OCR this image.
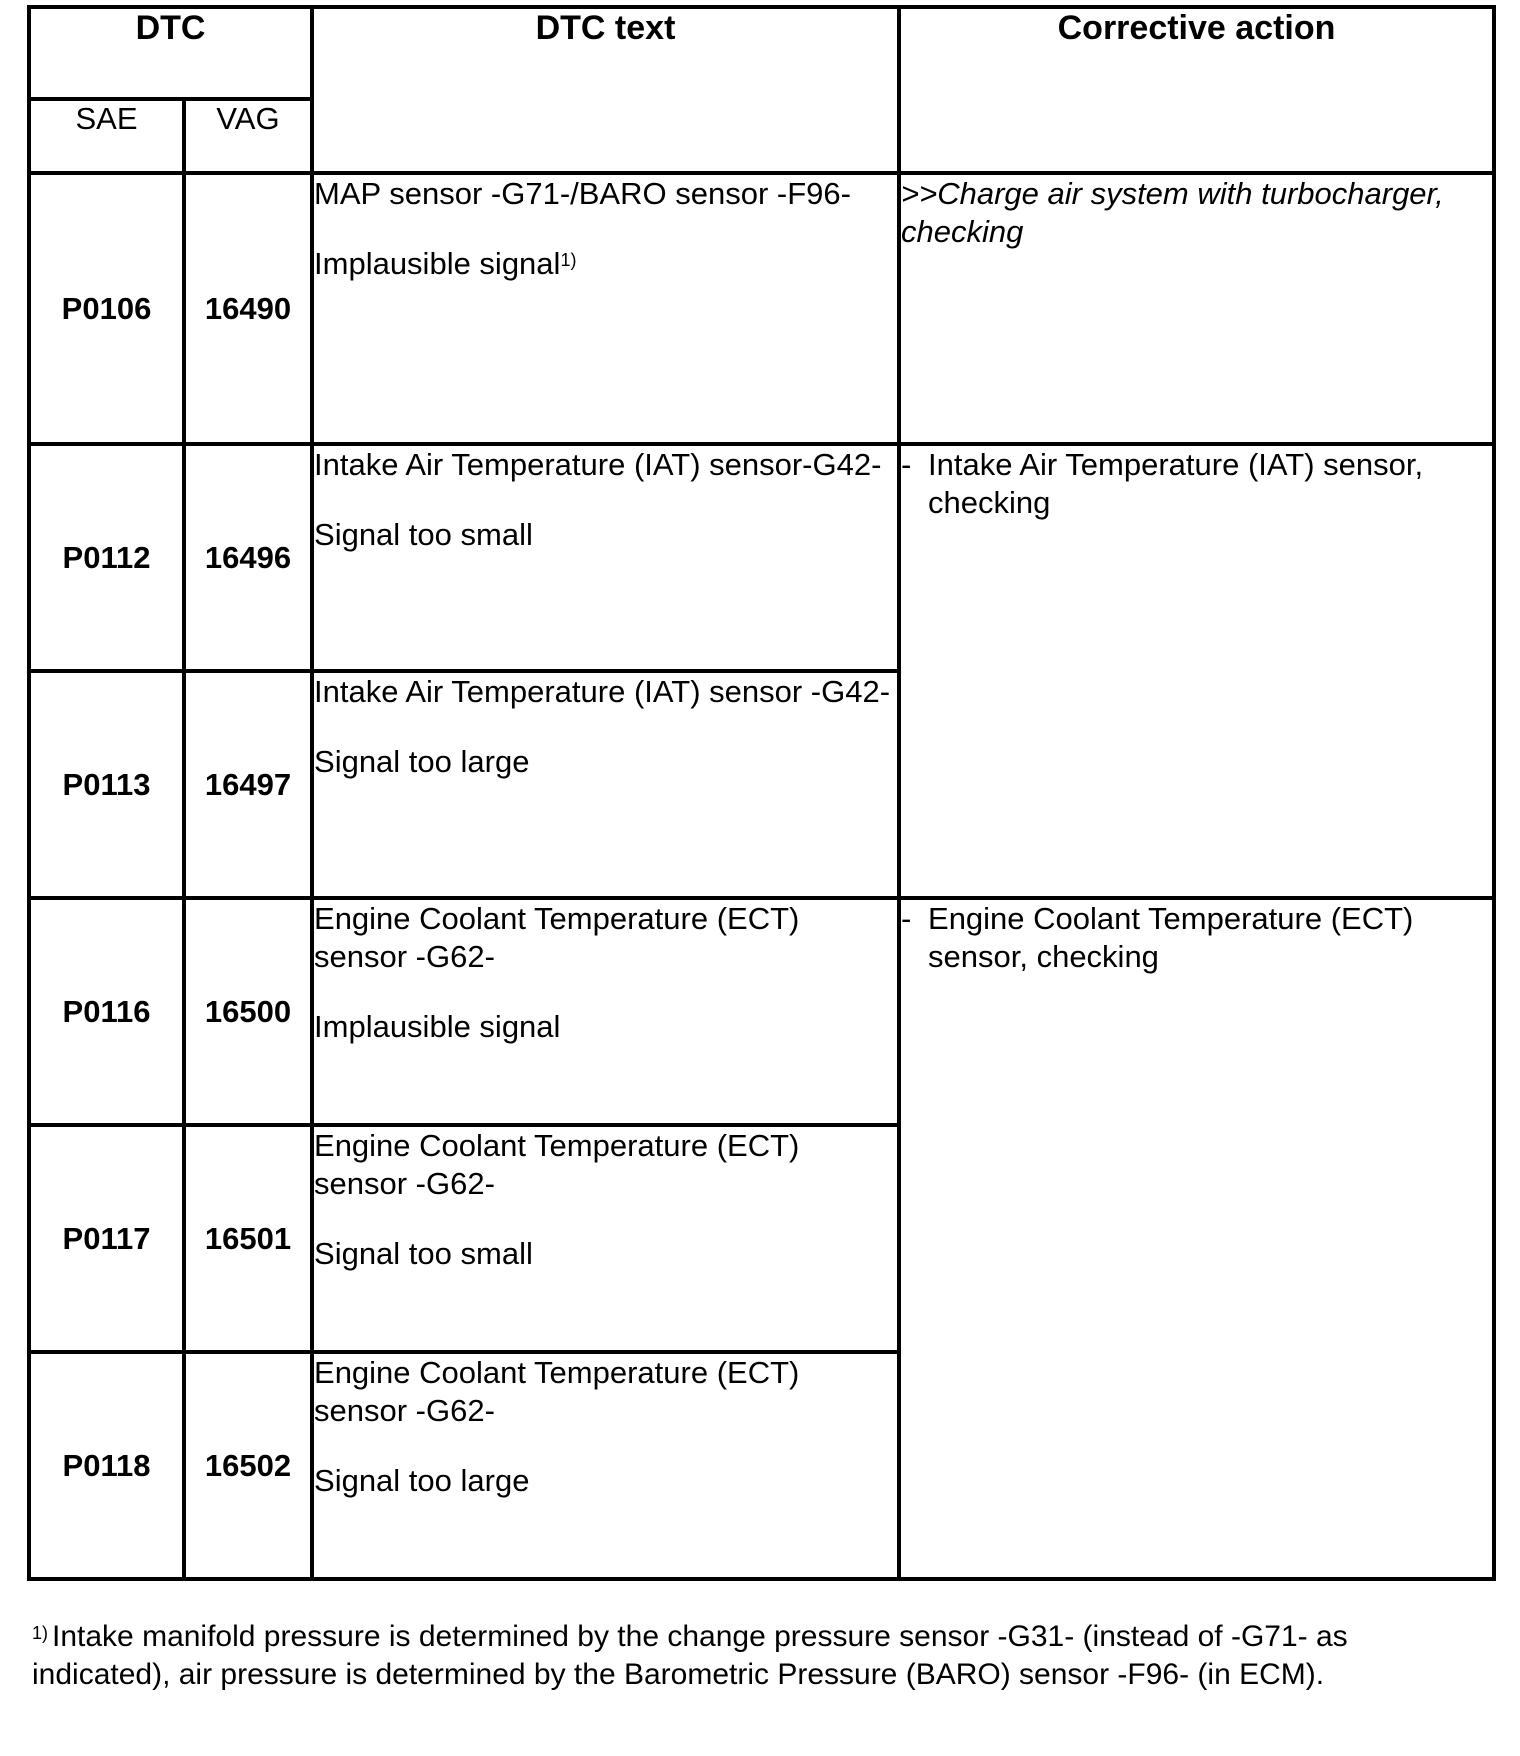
DTC		DTC text	Corrective action
SAE	VAG		
P0106	16490	MAP sensor -G71-/BARO sensor -F96-
Implausible signal$^{1)}$	>>Charge air system with turbocharger, checking
P0112	16496	Intake Air Temperature (IAT) sensor-G42-
Signal too small	- Intake Air Temperature (IAT) sensor, checking

P0113	16497	Intake Air Temperature (IAT) sensor -G42-
Signal too large	

P0116	16500	Engine Coolant Temperature (ECT) sensor -G62-
Implausible signal	- Engine Coolant Temperature (ECT) sensor, checking

P0117	16501	Engine Coolant Temperature (ECT) sensor -G62-
Signal too small	

P0118	16502	Engine Coolant Temperature (ECT) sensor -G62-
Signal too large	
$^{1)}$ Intake manifold pressure is determined by the change pressure sensor -G31- (instead of -G71- as indicated), air pressure is determined by the Barometric Pressure (BARO) sensor -F96- (in ECM).
